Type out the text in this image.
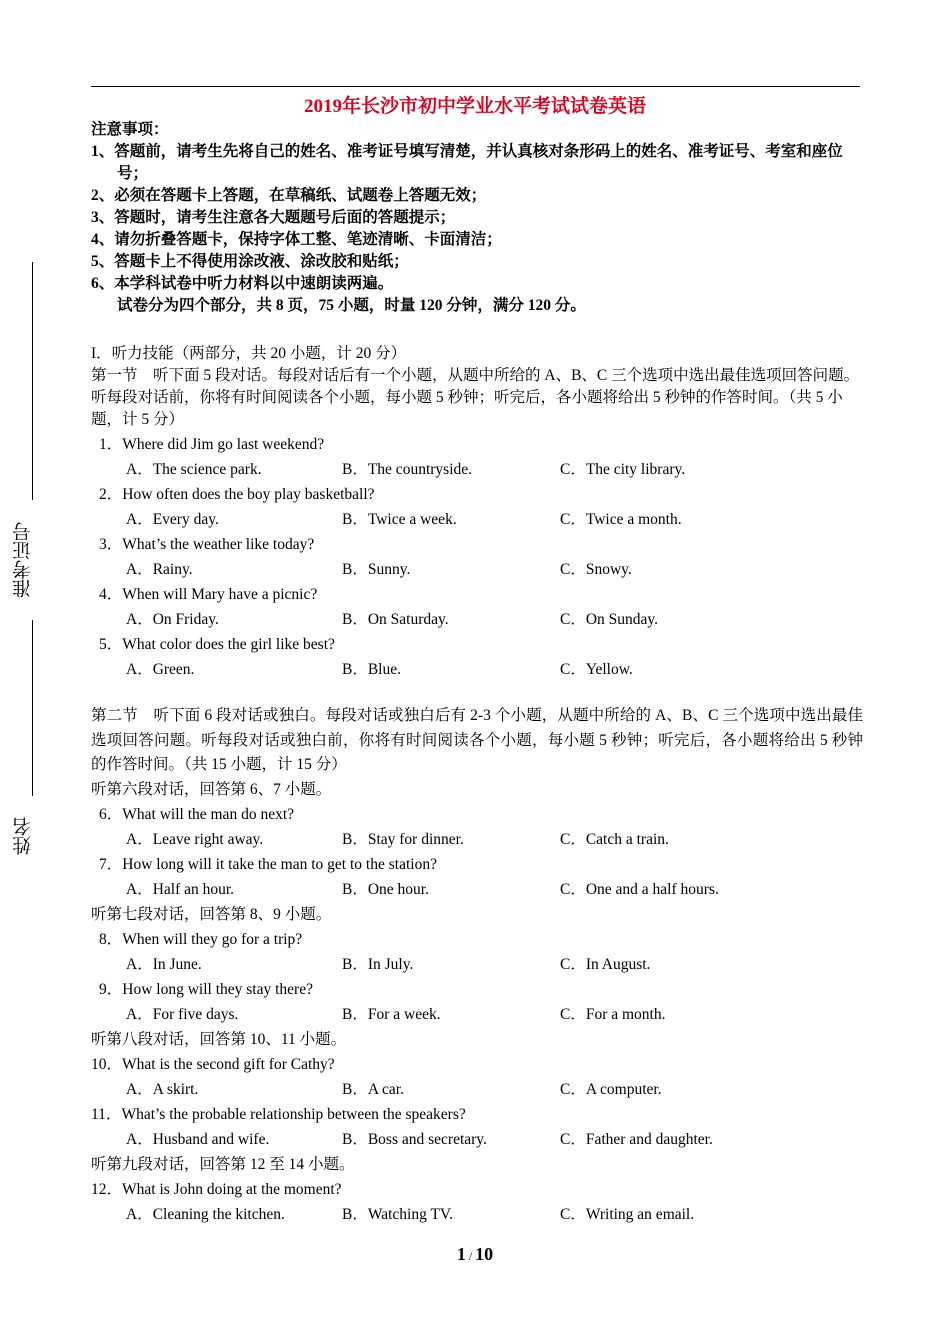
2019年长沙市初中学业水平考试试卷英语
注意事项：
1、答题前，请考生先将自己的姓名、准考证号填写清楚，并认真核对条形码上的姓名、准考证号、考室和座位号；
2、必须在答题卡上答题，在草稿纸、试题卷上答题无效；
3、答题时，请考生注意各大题题号后面的答题提示；
4、请勿折叠答题卡，保持字体工整、笔迹清晰、卡面清洁；
5、答题卡上不得使用涂改液、涂改胶和贴纸；
6、本学科试卷中听力材料以中速朗读两遍。
试卷分为四个部分，共 8 页，75 小题，时量 120 分钟，满分 120 分。
I．听力技能（两部分，共 20 小题，计 20 分）
第一节　听下面 5 段对话。每段对话后有一个小题，从题中所给的 A、B、C 三个选项中选出最佳选项回答问题。听每段对话前，你将有时间阅读各个小题，每小题 5 秒钟；听完后，各小题将给出 5 秒钟的作答时间。（共 5 小题，计 5 分）
1．Where did Jim go last weekend?
A．The science park.	B．The countryside.	C．The city library.
2．How often does the boy play basketball?
A．Every day.	B．Twice a week.	C．Twice a month.
3．What’s the weather like today?
A．Rainy.	B．Sunny.	C．Snowy.
4．When will Mary have a picnic?
A．On Friday.	B．On Saturday.	C．On Sunday.
5．What color does the girl like best?
A．Green.	B．Blue.	C．Yellow.
第二节　听下面 6 段对话或独白。每段对话或独白后有 2-3 个小题，从题中所给的 A、B、C 三个选项中选出最佳选项回答问题。听每段对话或独白前，你将有时间阅读各个小题，每小题 5 秒钟；听完后，各小题将给出 5 秒钟的作答时间。（共 15 小题，计 15 分）
听第六段对话，回答第 6、7 小题。
6．What will the man do next?
A．Leave right away.	B．Stay for dinner.	C．Catch a train.
7．How long will it take the man to get to the station?
A．Half an hour.	B．One hour.	C．One and a half hours.
听第七段对话，回答第 8、9 小题。
8．When will they go for a trip?
A．In June.	B．In July.	C．In August.
9．How long will they stay there?
A．For five days.	B．For a week.	C．For a month.
听第八段对话，回答第 10、11 小题。
10．What is the second gift for Cathy?
A．A skirt.	B．A car.	C．A computer.
11．What’s the probable relationship between the speakers?
A．Husband and wife.	B．Boss and secretary.	C．Father and daughter.
听第九段对话，回答第 12 至 14 小题。
12．What is John doing at the moment?
A．Cleaning the kitchen.	B．Watching TV.	C．Writing an email.
准考证号
姓名
1 / 10
